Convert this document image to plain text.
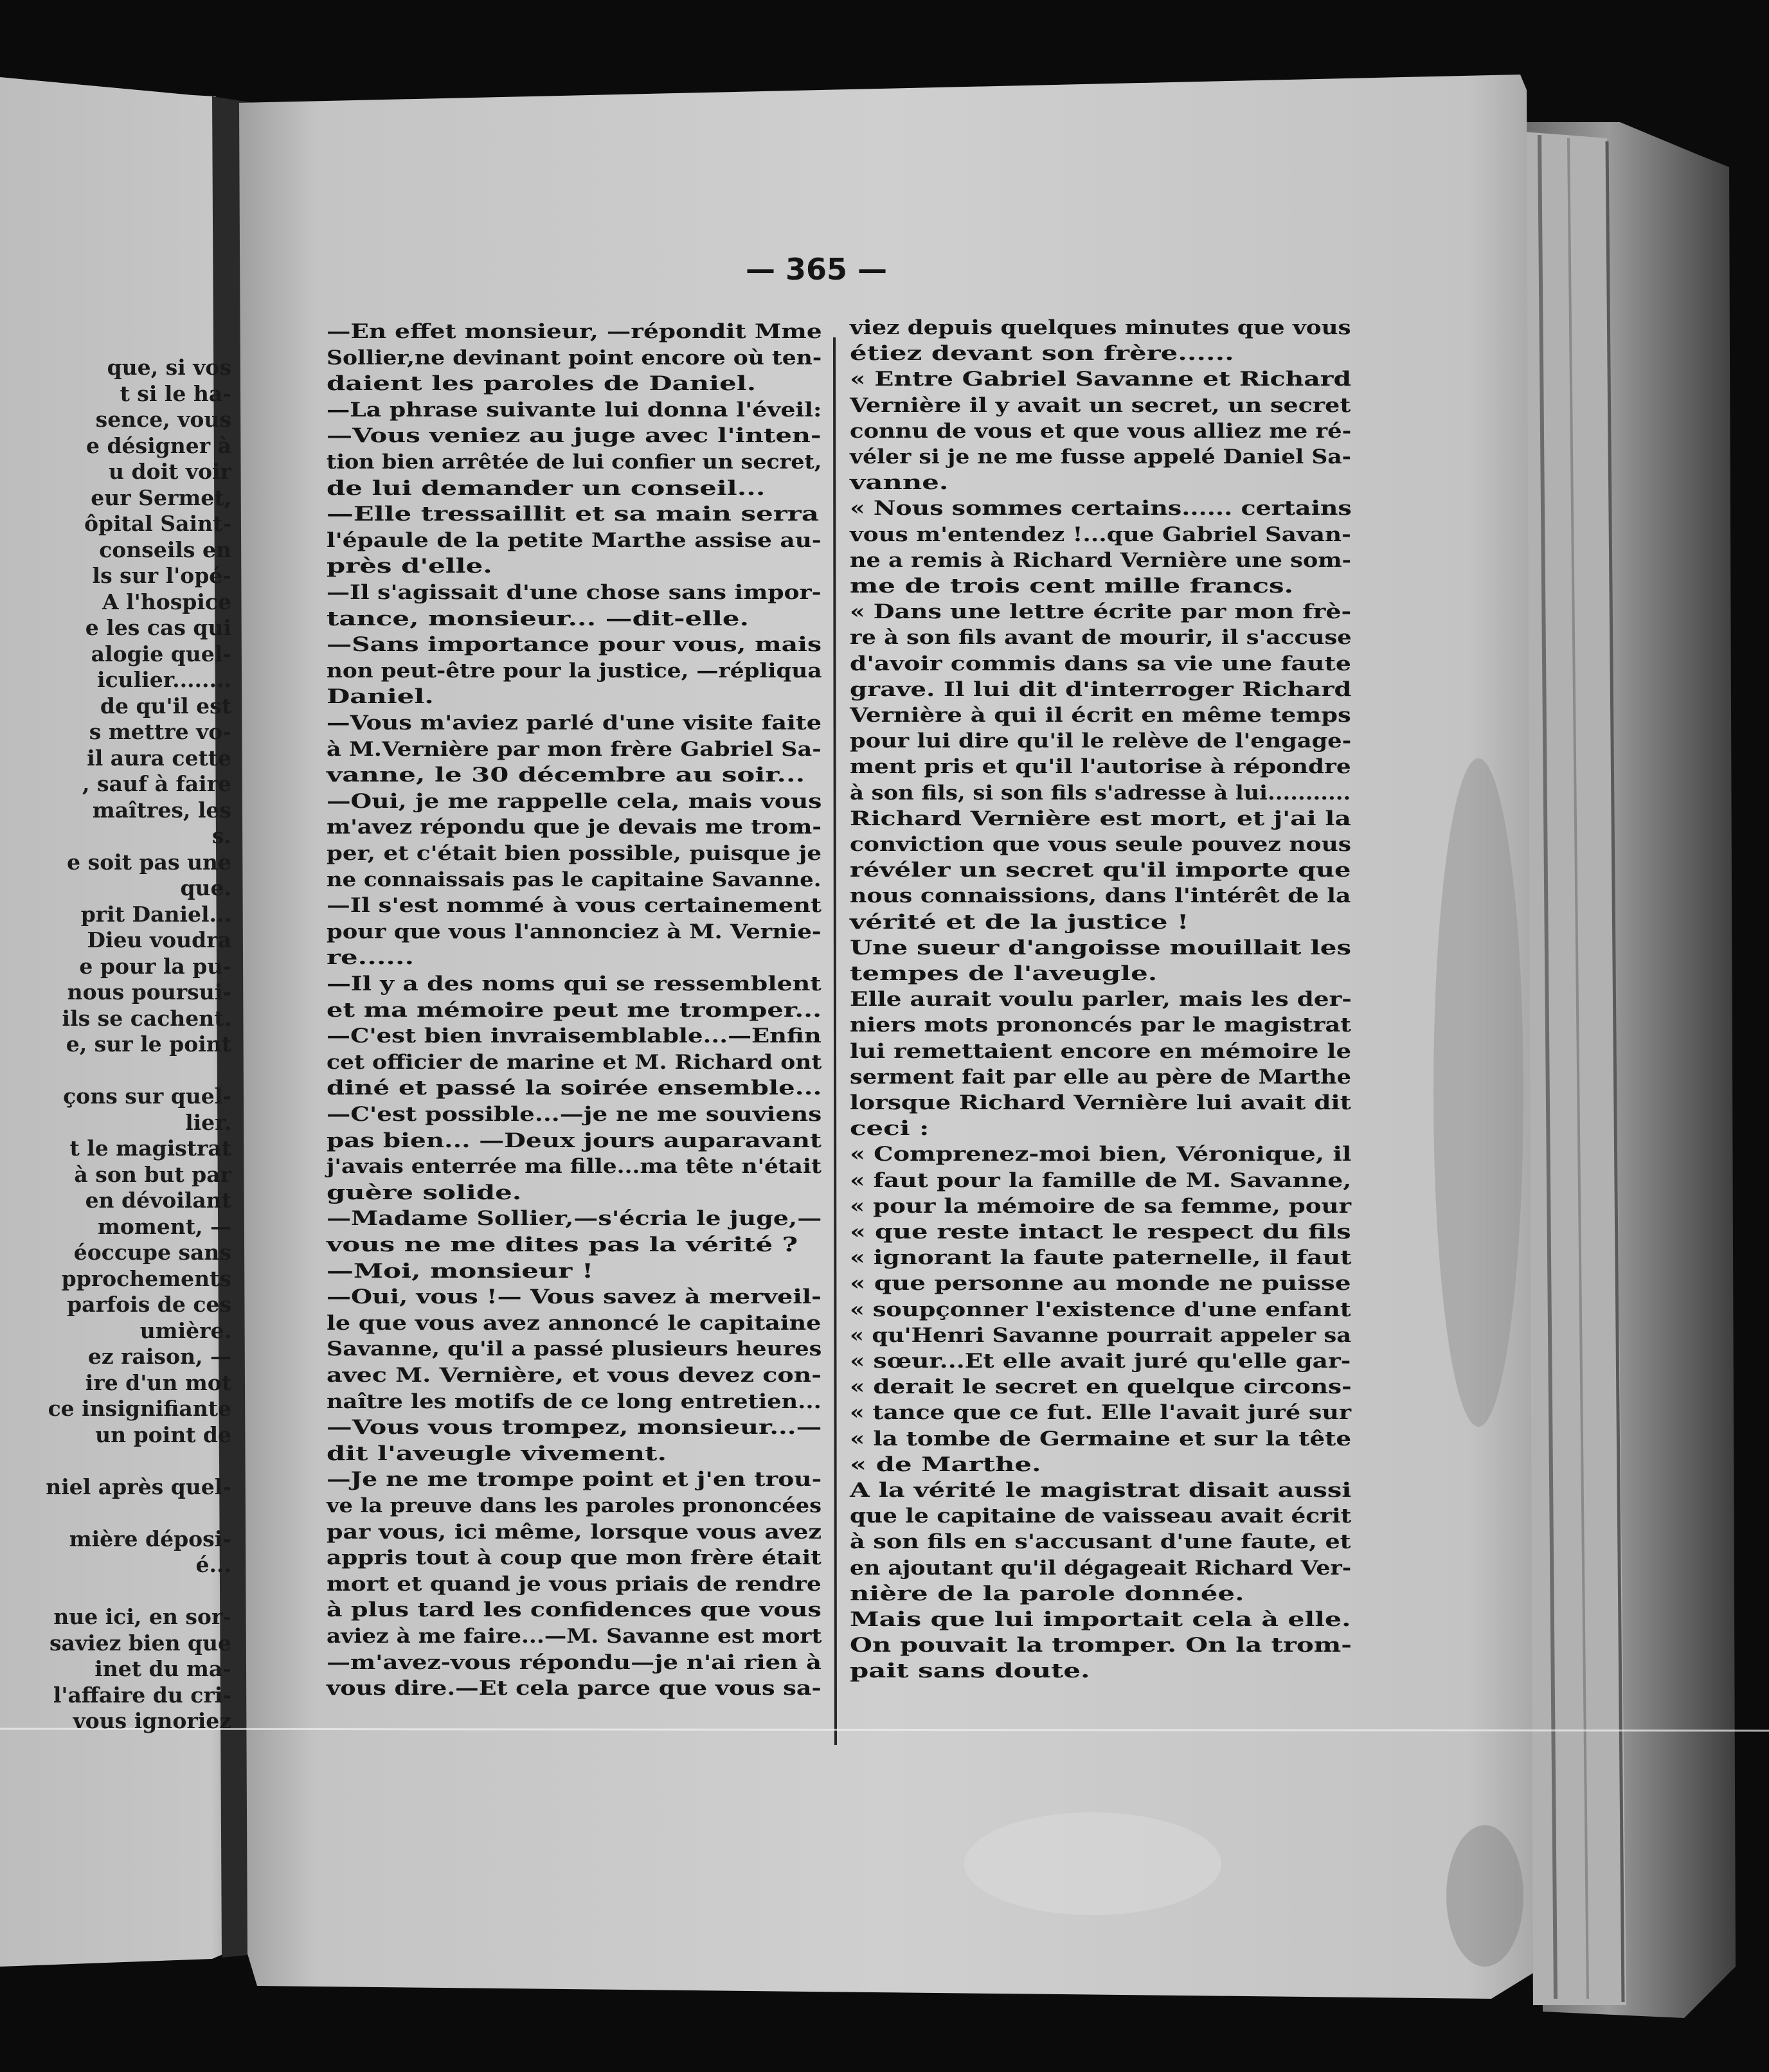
que, si vos
t si le ha-
sence, vous
e désigner à
u doit voir
eur Sermet,
ôpital Saint-
conseils en
ls sur l'opé-
A l'hospice
e les cas qui
alogie quel-
iculier........
de qu'il est
s mettre vo-
il aura cette
, sauf à faire
maîtres, les
s.
e soit pas une
que.
prit Daniel...
Dieu voudra
e pour la pu-
nous poursui-
ils se cachent.
e, sur le point
çons sur quel-
lier.
t le magistrat
à son but par
en dévoilant
moment, —
éoccupe sans
pprochements
parfois de ces
umière.
ez raison, —
ire d'un mot
ce insignifiante
un point de
niel après quel-
mière déposi-
é...
nue ici, en sor-
saviez bien que
inet du ma-
l'affaire du cri-
vous ignoriez
— 365 —
—En effet monsieur, —répondit Mme
Sollier,ne devinant point encore où ten-
daient les paroles de Daniel.
—La phrase suivante lui donna l'éveil:
—Vous veniez au juge avec l'inten-
tion bien arrêtée de lui confier un secret,
de lui demander un conseil...
—Elle tressaillit et sa main serra
l'épaule de la petite Marthe assise au-
près d'elle.
—Il s'agissait d'une chose sans impor-
tance, monsieur... —dit-elle.
—Sans importance pour vous, mais
non peut-être pour la justice, —répliqua
Daniel.
—Vous m'aviez parlé d'une visite faite
à M.Vernière par mon frère Gabriel Sa-
vanne, le 30 décembre au soir...
—Oui, je me rappelle cela, mais vous
m'avez répondu que je devais me trom-
per, et c'était bien possible, puisque je
ne connaissais pas le capitaine Savanne.
—Il s'est nommé à vous certainement
pour que vous l'annonciez à M. Vernie-
re......
—Il y a des noms qui se ressemblent
et ma mémoire peut me tromper...
—C'est bien invraisemblable...—Enfin
cet officier de marine et M. Richard ont
diné et passé la soirée ensemble...
—C'est possible...—je ne me souviens
pas bien... —Deux jours auparavant
j'avais enterrée ma fille...ma tête n'était
guère solide.
—Madame Sollier,—s'écria le juge,—
vous ne me dites pas la vérité ?
—Moi, monsieur !
—Oui, vous !— Vous savez à merveil-
le que vous avez annoncé le capitaine
Savanne, qu'il a passé plusieurs heures
avec M. Vernière, et vous devez con-
naître les motifs de ce long entretien...
—Vous vous trompez, monsieur...—
dit l'aveugle vivement.
—Je ne me trompe point et j'en trou-
ve la preuve dans les paroles prononcées
par vous, ici même, lorsque vous avez
appris tout à coup que mon frère était
mort et quand je vous priais de rendre
à plus tard les confidences que vous
aviez à me faire...—M. Savanne est mort
—m'avez-vous répondu—je n'ai rien à
vous dire.—Et cela parce que vous sa-
viez depuis quelques minutes que vous
étiez devant son frère......
« Entre Gabriel Savanne et Richard
Vernière il y avait un secret, un secret
connu de vous et que vous alliez me ré-
véler si je ne me fusse appelé Daniel Sa-
vanne.
« Nous sommes certains...... certains
vous m'entendez !...que Gabriel Savan-
ne a remis à Richard Vernière une som-
me de trois cent mille francs.
« Dans une lettre écrite par mon frè-
re à son fils avant de mourir, il s'accuse
d'avoir commis dans sa vie une faute
grave. Il lui dit d'interroger Richard
Vernière à qui il écrit en même temps
pour lui dire qu'il le relève de l'engage-
ment pris et qu'il l'autorise à répondre
à son fils, si son fils s'adresse à lui...........
Richard Vernière est mort, et j'ai la
conviction que vous seule pouvez nous
révéler un secret qu'il importe que
nous connaissions, dans l'intérêt de la
vérité et de la justice !
Une sueur d'angoisse mouillait les
tempes de l'aveugle.
Elle aurait voulu parler, mais les der-
niers mots prononcés par le magistrat
lui remettaient encore en mémoire le
serment fait par elle au père de Marthe
lorsque Richard Vernière lui avait dit
ceci :
« Comprenez-moi bien, Véronique, il
« faut pour la famille de M. Savanne,
« pour la mémoire de sa femme, pour
« que reste intact le respect du fils
« ignorant la faute paternelle, il faut
« que personne au monde ne puisse
« soupçonner l'existence d'une enfant
« qu'Henri Savanne pourrait appeler sa
« sœur...Et elle avait juré qu'elle gar-
« derait le secret en quelque circons-
« tance que ce fut. Elle l'avait juré sur
« la tombe de Germaine et sur la tête
« de Marthe.
A la vérité le magistrat disait aussi
que le capitaine de vaisseau avait écrit
à son fils en s'accusant d'une faute, et
en ajoutant qu'il dégageait Richard Ver-
nière de la parole donnée.
Mais que lui importait cela à elle.
On pouvait la tromper. On la trom-
pait sans doute.
